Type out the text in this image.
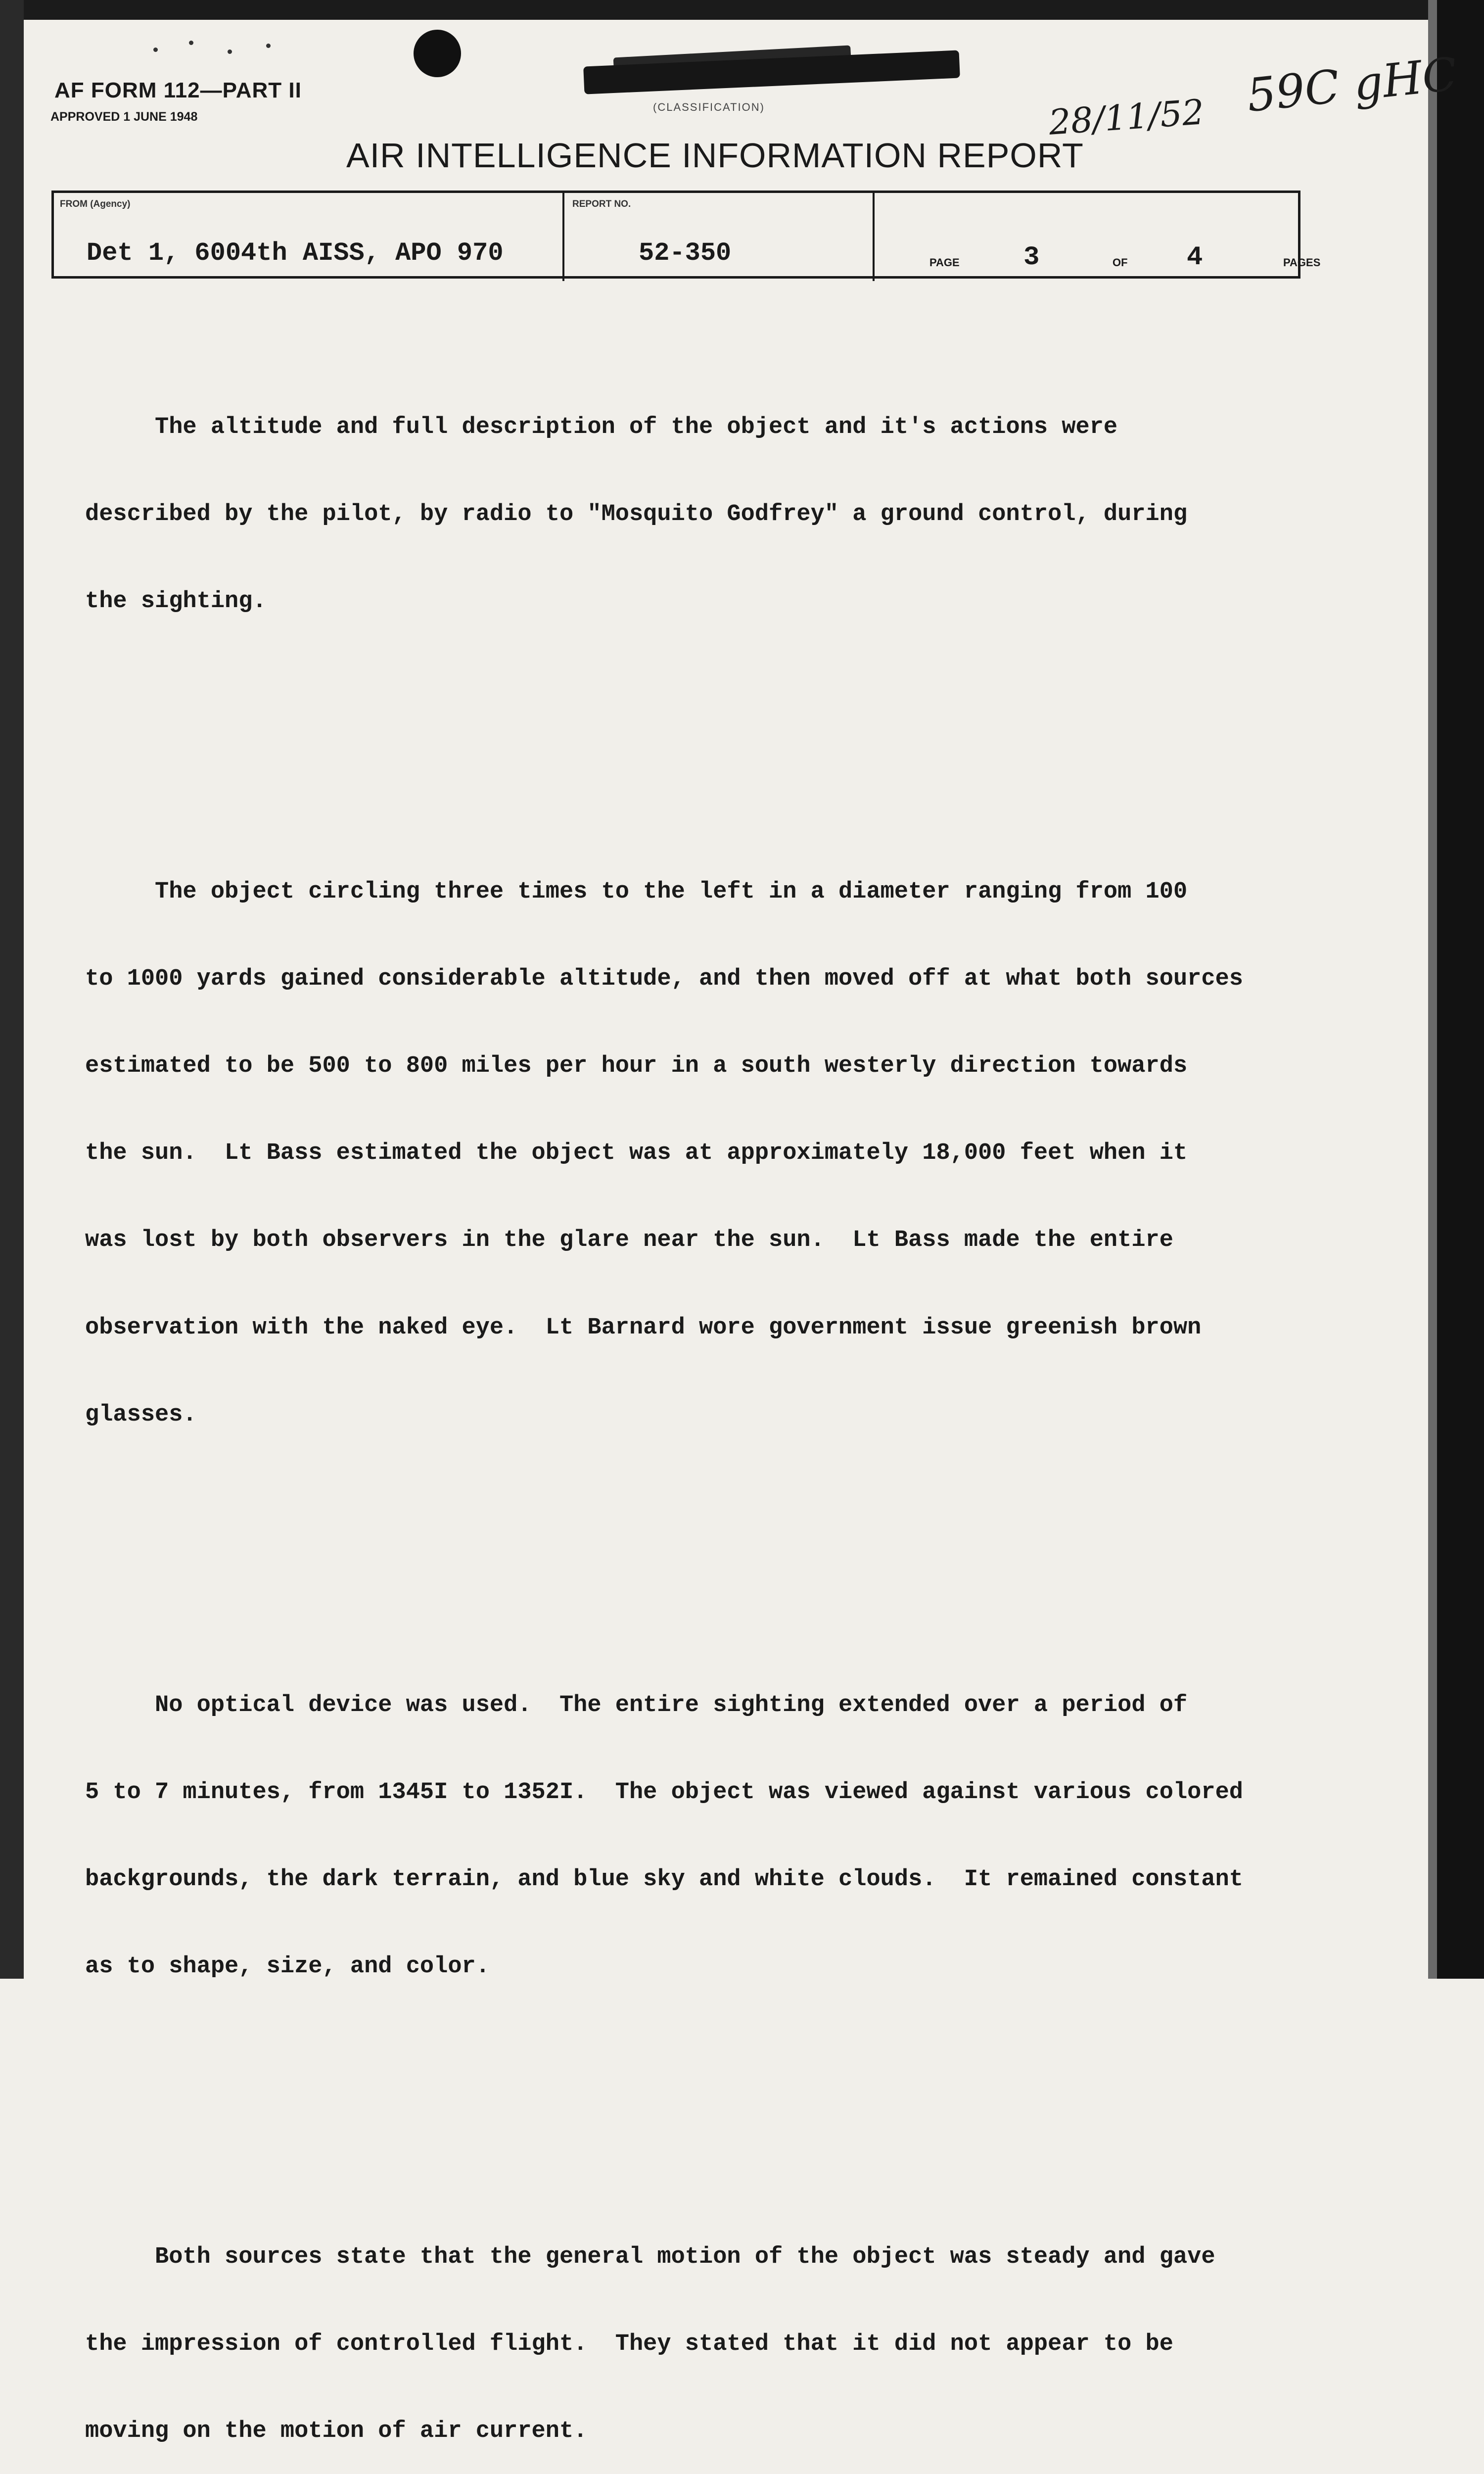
AF FORM 112—PART II
APPROVED 1 JUNE 1948
(CLASSIFICATION)	28/11/52 59C gHC
AIR INTELLIGENCE INFORMATION REPORT
FROM (Agency)
Det 1, 6004th AISS, APO 970
REPORT NO.
52-350	PAGE 3	OF 4	PAGES

The altitude and full description of the object and it's actions were

described by the pilot, by radio to "Mosquito Godfrey" a ground control, during

the sighting.

The object circling three times to the left in a diameter ranging from 100

to 1000 yards gained considerable altitude, and then moved off at what both sources

estimated to be 500 to 800 miles per hour in a south westerly direction towards

the sun.  Lt Bass estimated the object was at approximately 18,000 feet when it

was lost by both observers in the glare near the sun.  Lt Bass made the entire

observation with the naked eye.  Lt Barnard wore government issue greenish brown

glasses.

No optical device was used.  The entire sighting extended over a period of

5 to 7 minutes, from 1345I to 1352I.  The object was viewed against various colored

backgrounds, the dark terrain, and blue sky and white clouds.  It remained constant

as to shape, size, and color.

Both sources state that the general motion of the object was steady and gave

the impression of controlled flight.  They stated that it did not appear to be

moving on the motion of air current.
